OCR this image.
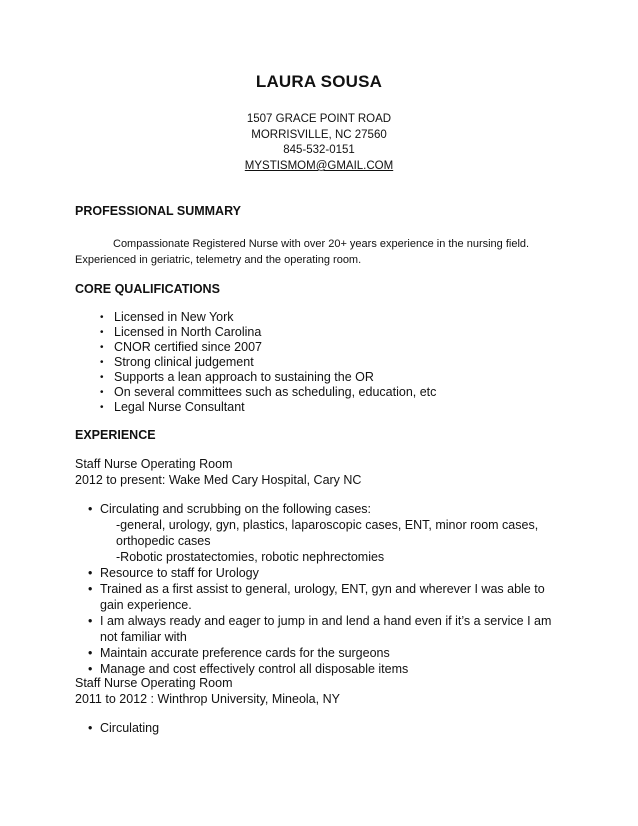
LAURA SOUSA
1507 GRACE POINT ROAD
MORRISVILLE, NC 27560
845-532-0151
MYSTISMOM@GMAIL.COM
PROFESSIONAL SUMMARY
Compassionate Registered Nurse with over 20+ years experience in the nursing field.
Experienced in geriatric, telemetry and the operating room.
CORE QUALIFICATIONS
• Licensed in New York
• Licensed in North Carolina
• CNOR certified since 2007
• Strong clinical judgement
• Supports a lean approach to sustaining the OR
• On several committees such as scheduling, education, etc
• Legal Nurse Consultant
EXPERIENCE
Staff Nurse Operating Room
2012 to present: Wake Med Cary Hospital, Cary NC
• Circulating and scrubbing on the following cases:
-general, urology, gyn, plastics, laparoscopic cases, ENT, minor room cases,
orthopedic cases
-Robotic prostatectomies, robotic nephrectomies
• Resource to staff for Urology
• Trained as a first assist to general, urology, ENT, gyn and wherever I was able to
gain experience.
• I am always ready and eager to jump in and lend a hand even if it’s a service I am
not familiar with
• Maintain accurate preference cards for the surgeons
• Manage and cost effectively control all disposable items
Staff Nurse Operating Room
2011 to 2012 : Winthrop University, Mineola, NY
• Circulating
